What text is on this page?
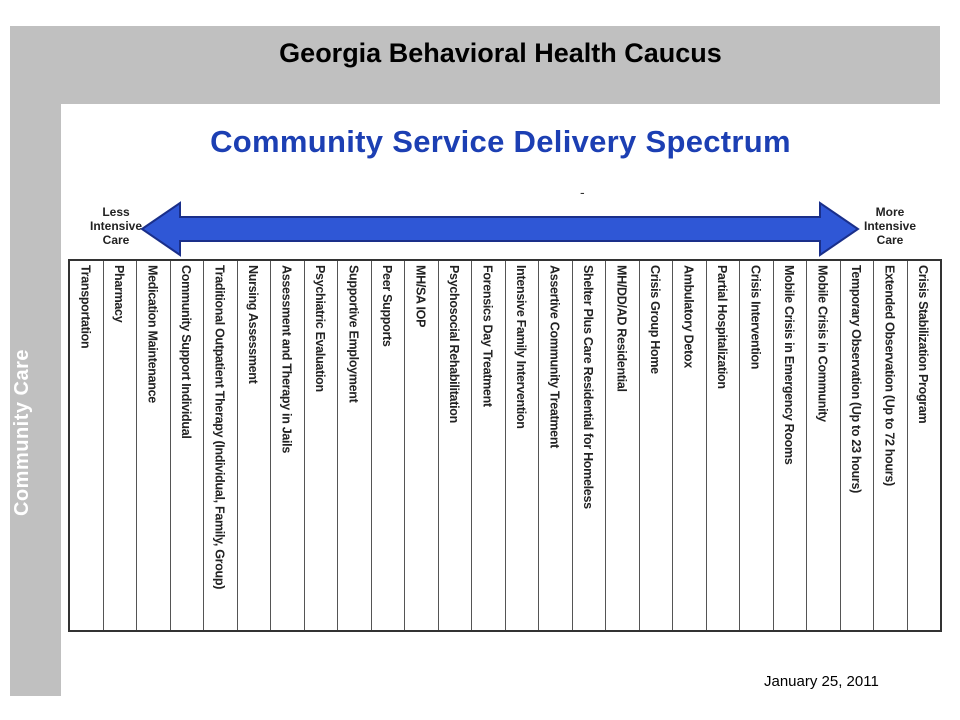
Georgia Behavioral Health Caucus
Community Care
Community Service Delivery Spectrum
-
Less Intensive Care
More Intensive Care
Transportation Pharmacy Medication Maintenance Community Support Individual Traditional Outpatient Therapy (Individual, Family, Group) Nursing Assessment Assessment and Therapy in Jails Psychiatric Evaluation Supportive Employment Peer Supports MH/SA IOP Psychosocial Rehabilitation Forensics Day Treatment Intensive Family Intervention Assertive Community Treatment Shelter Plus Care Residential for Homeless MH/DD/AD Residential Crisis Group Home Ambulatory Detox Partial Hospitalization Crisis Intervention Mobile Crisis in Emergency Rooms Mobile Crisis in Community Temporary Observation (Up to 23 hours) Extended Observation (Up to 72 hours) Crisis Stabilization Program
January 25, 2011
